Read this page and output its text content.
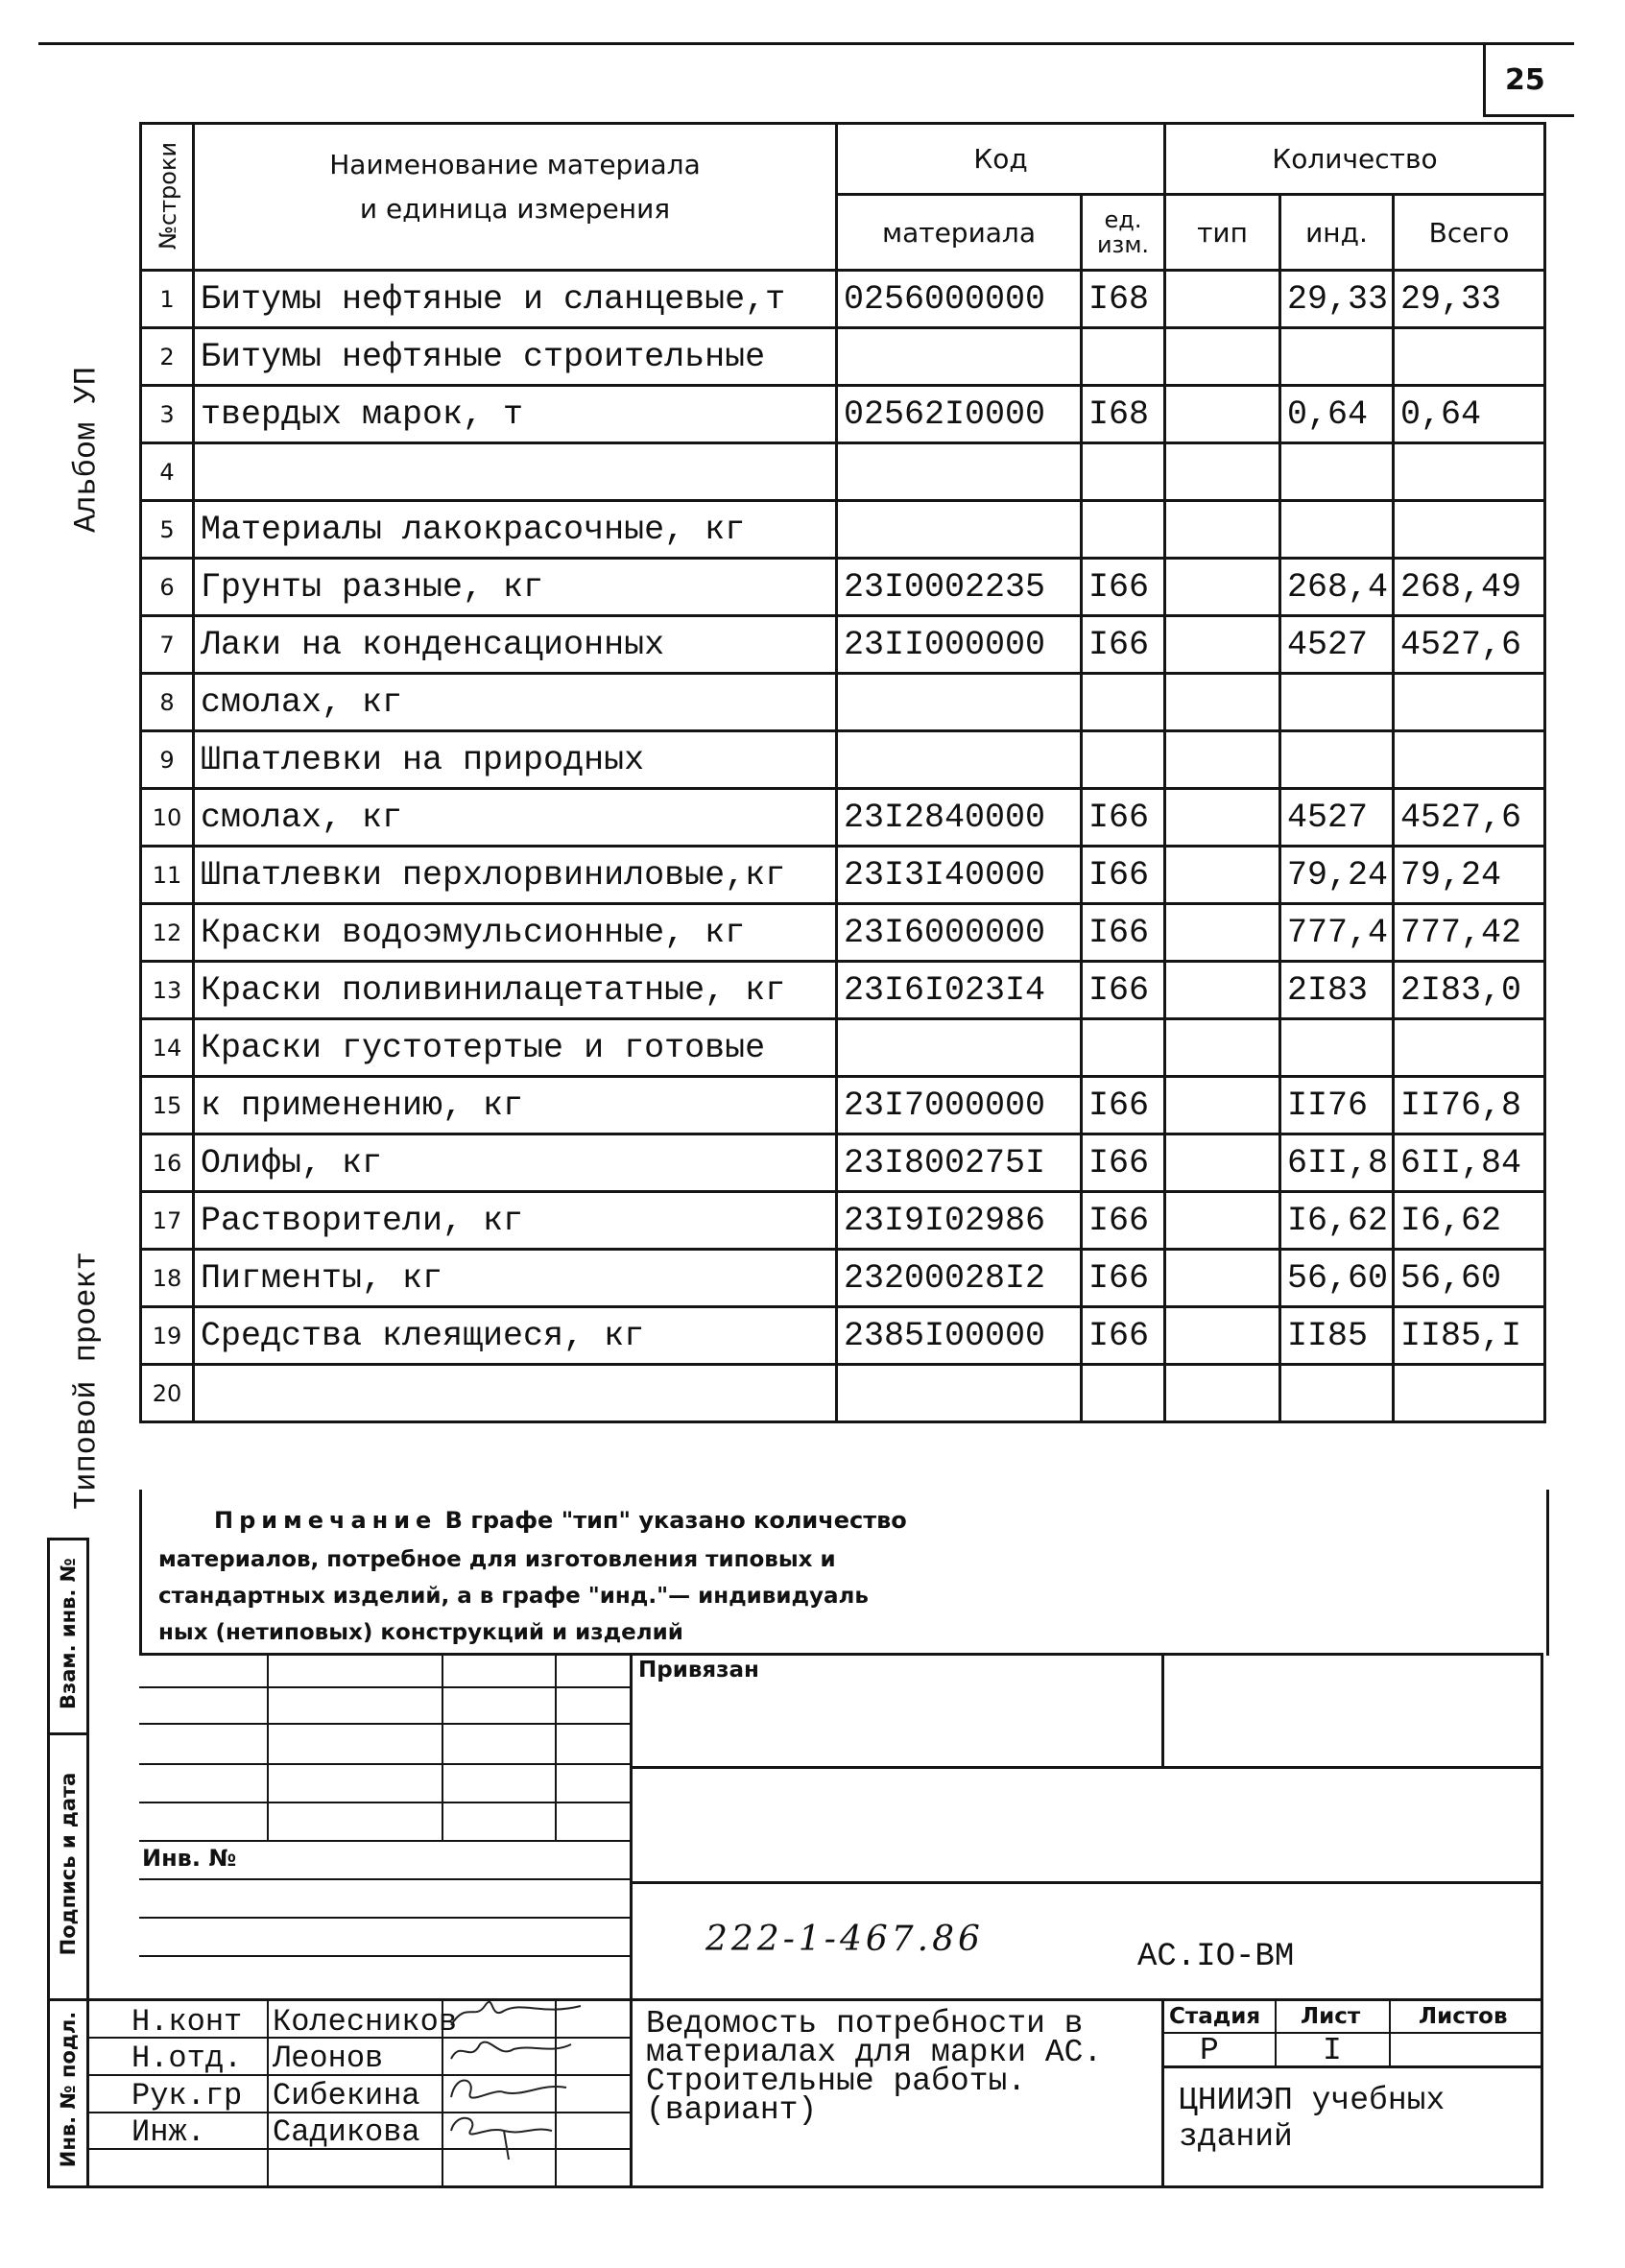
25
Альбом УП
Типовой проект
Взам. инв. №
Подпись и дата
Инв. № подл.
№строки	Наименование материала
и единица измерения	Код		Количество		
		материала	ед.
изм.	тип	инд.	Всего
1	Битумы нефтяные и сланцевые,т	0256000000	I68		29,33	29,33
2	Битумы нефтяные строительные					
3	твердых марок, т	02562I0000	I68		0,64	0,64
4						
5	Материалы лакокрасочные, кг					
6	Грунты разные, кг	23I0002235	I66		268,4	268,49
7	Лаки на конденсационных	23II000000	I66		4527	4527,6
8	смолах, кг					
9	Шпатлевки на природных					
10	смолах, кг	23I2840000	I66		4527	4527,6
11	Шпатлевки перхлорвиниловые,кг	23I3I40000	I66		79,24	79,24
12	Краски водоэмульсионные, кг	23I6000000	I66		777,4	777,42
13	Краски поливинилацетатные, кг	23I6I023I4	I66		2I83	2I83,0
14	Краски густотертые и готовые					
15	к применению, кг	23I7000000	I66		II76	II76,8
16	Олифы, кг	23I800275I	I66		6II,8	6II,84
17	Растворители, кг	23I9I02986	I66		I6,62	I6,62
18	Пигменты, кг	23200028I2	I66		56,60	56,60
19	Средства клеящиеся, кг	2385I00000	I66		II85	II85,I
20						
Примечание В графе "тип" указано количество
материалов, потребное для изготовления типовых и
стандартных изделий, а в графе "инд."— индивидуаль
ных (нетиповых) конструкций и изделий
Привязан
Инв. №
222-1-467.86	АС.IO-ВМ
Н.конт Колесников
Н.отд. Леонов
Рук.гр Сибекина
Инж. Садикова
Ведомость потребности в
материалах для марки АС.
Строительные работы.
(вариант)
Стадия Лист	Листов
Р	I
ЦНИИЭП учебных
зданий
